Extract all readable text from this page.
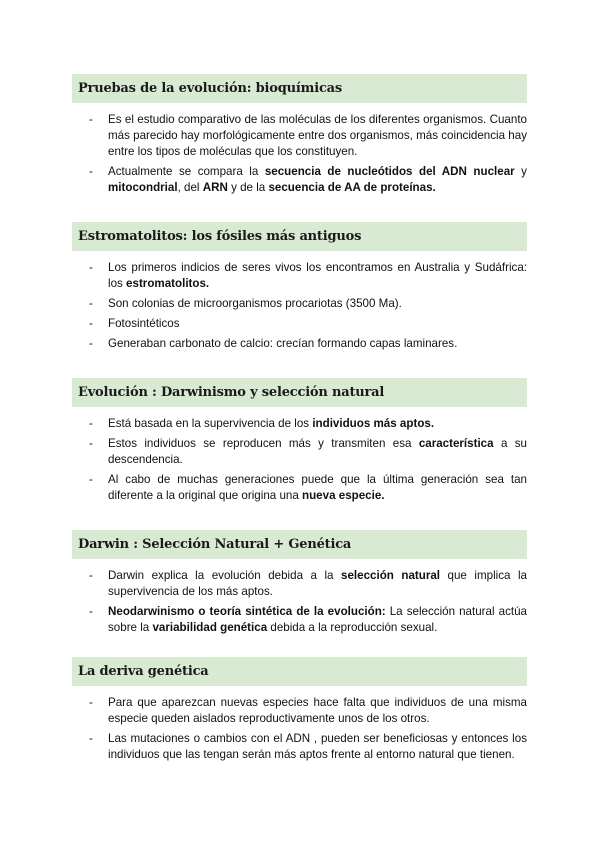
Pruebas de la evolución: bioquímicas
- Es el estudio comparativo de las moléculas de los diferentes organismos. Cuanto más parecido hay morfológicamente entre dos organismos, más coincidencia hay entre los tipos de moléculas que los constituyen.
- Actualmente se compara la secuencia de nucleótidos del ADN nuclear y mitocondrial, del ARN y de la secuencia de AA de proteínas.
Estromatolitos: los fósiles más antiguos
- Los primeros indicios de seres vivos los encontramos en Australia y Sudáfrica: los estromatolitos.
- Son colonias de microorganismos procariotas (3500 Ma).
- Fotosintéticos
- Generaban carbonato de calcio: crecían formando capas laminares.
Evolución : Darwinismo y selección natural
- Está basada en la supervivencia de los individuos más aptos.
- Estos individuos se reproducen más y transmiten esa característica a su descendencia.
- Al cabo de muchas generaciones puede que la última generación sea tan diferente a la original que origina una nueva especie.
Darwin : Selección Natural + Genética
- Darwin explica la evolución debida a la selección natural que implica la supervivencia de los más aptos.
- Neodarwinismo o teoría sintética de la evolución: La selección natural actúa sobre la variabilidad genética debida a la reproducción sexual.
La deriva genética
- Para que aparezcan nuevas especies hace falta que individuos de una misma especie queden aislados reproductivamente unos de los otros.
- Las mutaciones o cambios con el ADN , pueden ser beneficiosas y entonces los individuos que las tengan serán más aptos frente al entorno natural que tienen.
